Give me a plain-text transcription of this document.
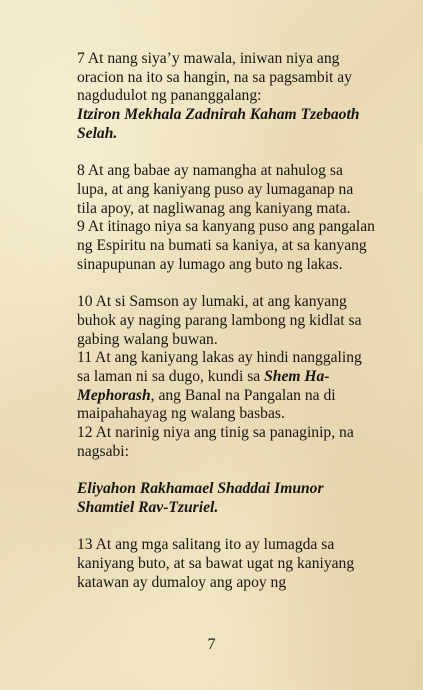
7 At nang siya’y mawala, iniwan niya ang oracion na ito sa hangin, na sa pagsambit ay nagdudulot ng pananggalang:
Itziron Mekhala Zadnirah Kaham Tzebaoth Selah.

8 At ang babae ay namangha at nahulog sa lupa, at ang kaniyang puso ay lumaganap na tila apoy, at nagliwanag ang kaniyang mata.

9 At itinago niya sa kanyang puso ang pangalan ng Espiritu na bumati sa kaniya, at sa kanyang sinapupunan ay lumago ang buto ng lakas.

10 At si Samson ay lumaki, at ang kanyang buhok ay naging parang lambong ng kidlat sa gabing walang buwan.

11 At ang kaniyang lakas ay hindi nanggaling sa laman ni sa dugo, kundi sa Shem Ha-Mephorash, ang Banal na Pangalan na di maipahahayag ng walang basbas.

12 At narinig niya ang tinig sa panaginip, na nagsabi:

Eliyahon Rakhamael Shaddai Imunor Shamtiel Rav-Tzuriel.

13 At ang mga salitang ito ay lumagda sa kaniyang buto, at sa bawat ugat ng kaniyang katawan ay dumaloy ang apoy ng

7
